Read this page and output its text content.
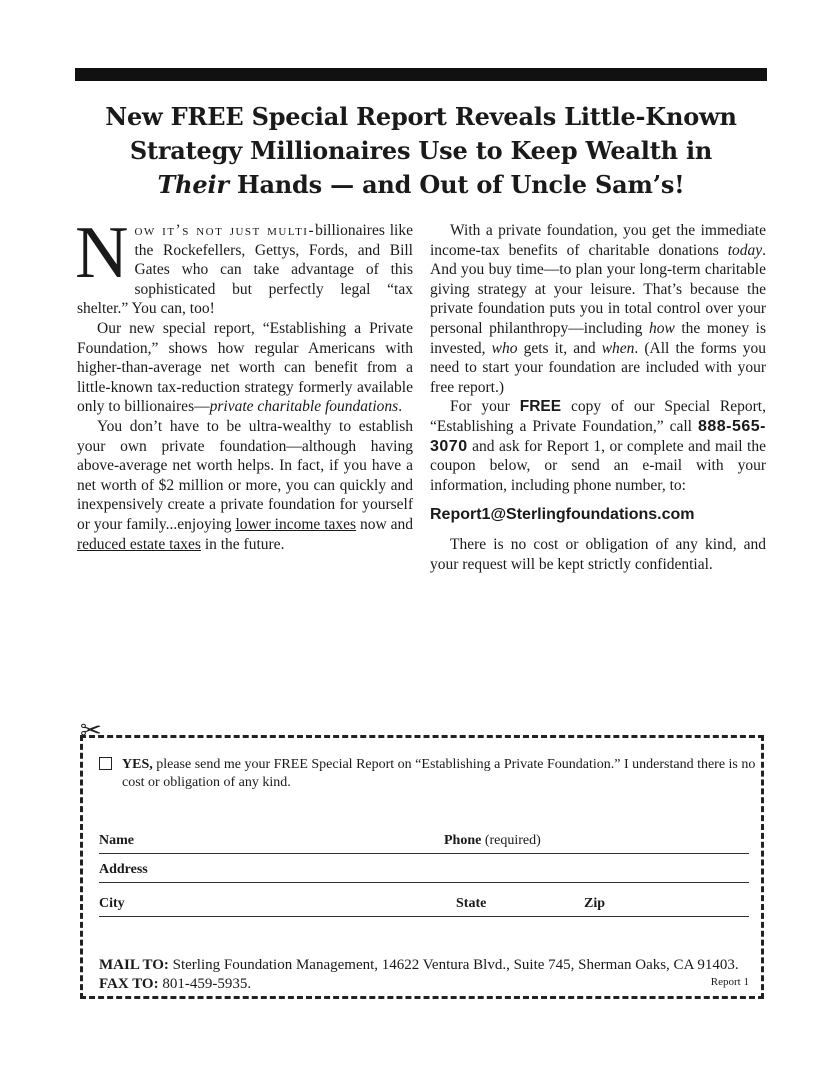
New FREE Special Report Reveals Little-Known
Strategy Millionaires Use to Keep Wealth in
Their Hands — and Out of Uncle Sam’s!

Now it’s not just multi-billionaires like the Rockefellers, Gettys, Fords, and Bill Gates who can take advantage of this sophisticated but perfectly legal “tax shelter.” You can, too!

Our new special report, “Establishing a Private Foundation,” shows how regular Americans with higher-than-average net worth can benefit from a little-known tax-reduction strategy formerly available only to billionaires—private charitable foundations.

You don’t have to be ultra-wealthy to establish your own private foundation—although having above-average net worth helps. In fact, if you have a net worth of $2 million or more, you can quickly and inexpensively create a private foundation for yourself or your family...enjoying lower income taxes now and reduced estate taxes in the future.

With a private foundation, you get the immediate income-tax benefits of charitable donations today. And you buy time—to plan your long-term charitable giving strategy at your leisure. That’s because the private foundation puts you in total control over your personal philanthropy—including how the money is invested, who gets it, and when. (All the forms you need to start your foundation are included with your free report.)

For your FREE copy of our Special Report, “Establishing a Private Foundation,” call 888-565-3070 and ask for Report 1, or complete and mail the coupon below, or send an e-mail with your information, including phone number, to:

Report1@Sterlingfoundations.com

There is no cost or obligation of any kind, and your request will be kept strictly confidential.

✂
YES, please send me your FREE Special Report on “Establishing a Private Foundation.” I understand there is no cost or obligation of any kind.
Name	Phone (required)
Address
City	State	Zip
MAIL TO: Sterling Foundation Management, 14622 Ventura Blvd., Suite 745, Sherman Oaks, CA 91403. FAX TO: 801-459-5935.	Report 1
